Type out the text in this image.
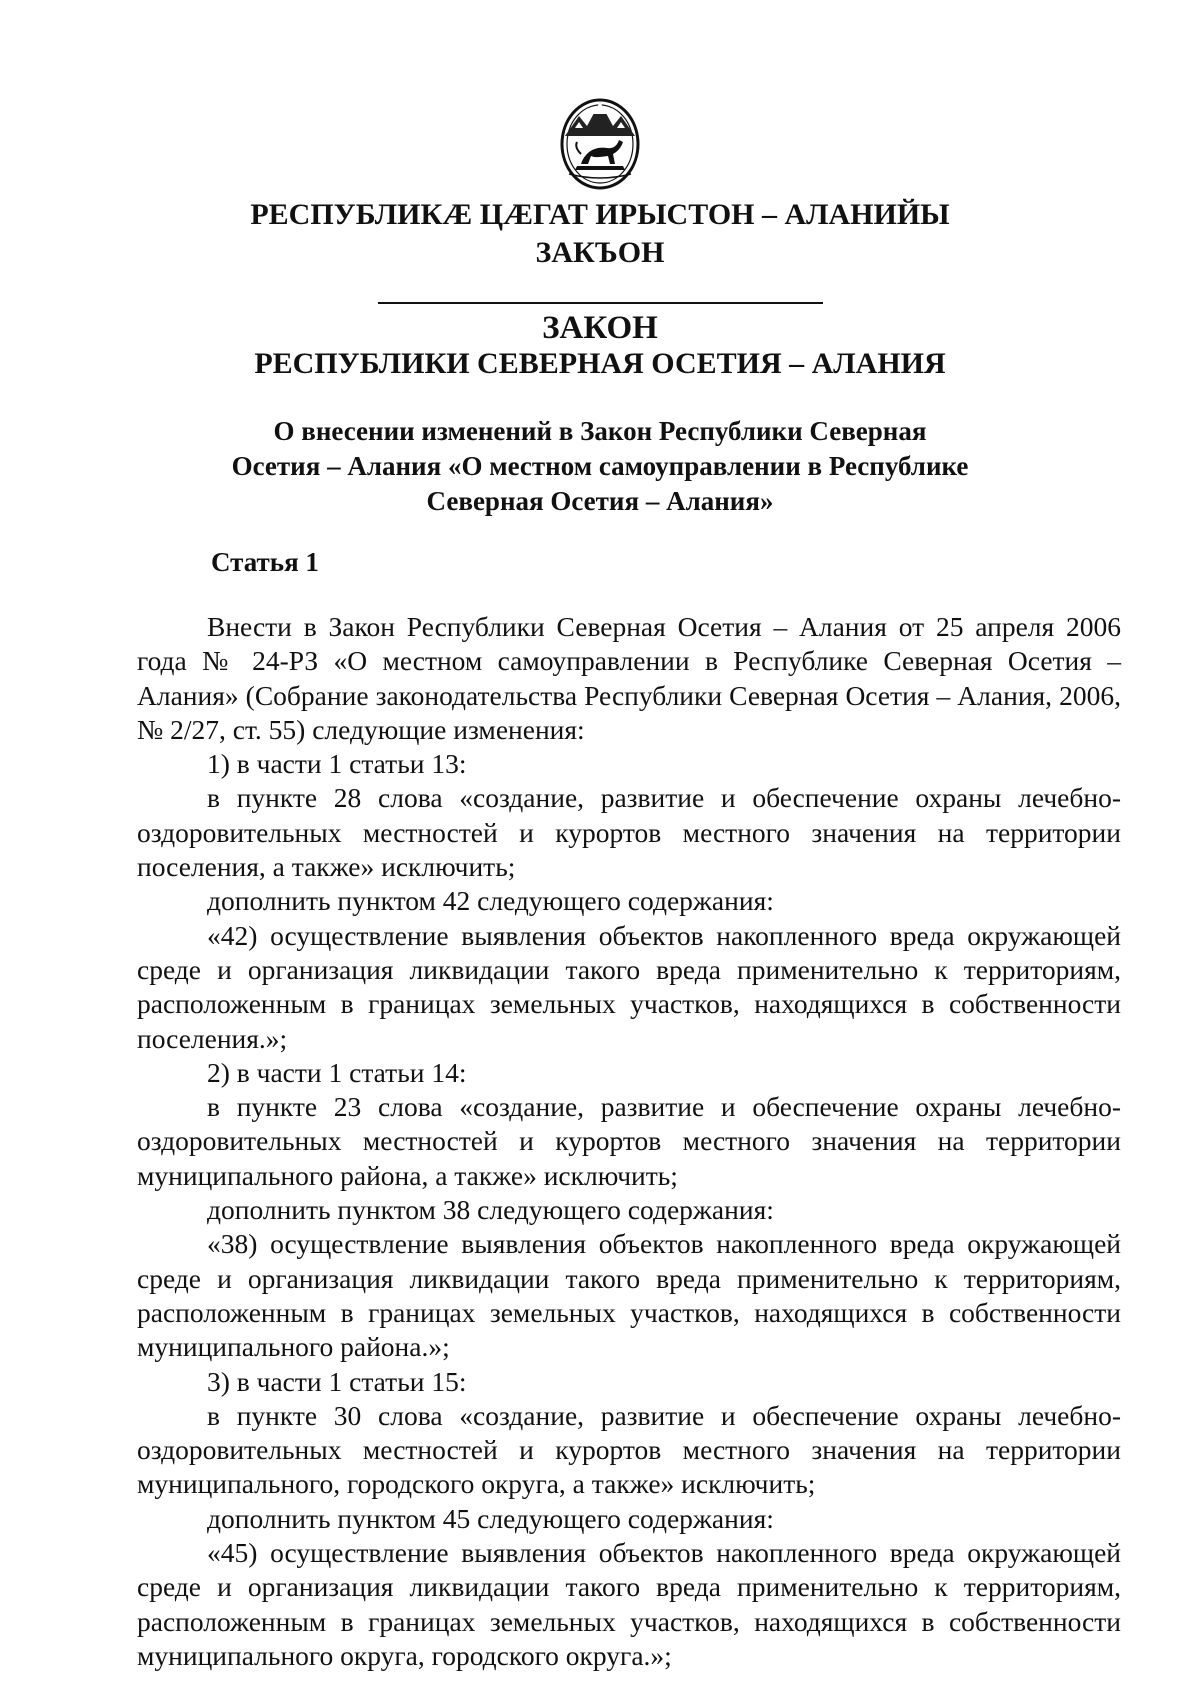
РЕСПУБЛИКӔ ЦӔГАТ ИРЫСТОН – АЛАНИЙЫ
ЗАКЪОН
ЗАКОН
РЕСПУБЛИКИ СЕВЕРНАЯ ОСЕТИЯ – АЛАНИЯ
О внесении изменений в Закон Республики Северная
Осетия – Алания «О местном самоуправлении в Республике
Северная Осетия – Алания»
Статья 1

Внести в Закон Республики Северная Осетия – Алания от 25 апреля 2006 года № 24-РЗ «О местном самоуправлении в Республике Северная Осетия – Алания» (Собрание законодательства Республики Северная Осетия – Алания, 2006, № 2/27, ст. 55) следующие изменения:

1) в части 1 статьи 13:

в пункте 28 слова «создание, развитие и обеспечение охраны лечебно-оздоровительных местностей и курортов местного значения на территории поселения, а также» исключить;

дополнить пунктом 42 следующего содержания:

«42) осуществление выявления объектов накопленного вреда окружающей среде и организация ликвидации такого вреда применительно к территориям, расположенным в границах земельных участков, находящихся в собственности поселения.»;

2) в части 1 статьи 14:

в пункте 23 слова «создание, развитие и обеспечение охраны лечебно-оздоровительных местностей и курортов местного значения на территории муниципального района, а также» исключить;

дополнить пунктом 38 следующего содержания:

«38) осуществление выявления объектов накопленного вреда окружающей среде и организация ликвидации такого вреда применительно к территориям, расположенным в границах земельных участков, находящихся в собственности муниципального района.»;

3) в части 1 статьи 15:

в пункте 30 слова «создание, развитие и обеспечение охраны лечебно-оздоровительных местностей и курортов местного значения на территории муниципального, городского округа, а также» исключить;

дополнить пунктом 45 следующего содержания:

«45) осуществление выявления объектов накопленного вреда окружающей среде и организация ликвидации такого вреда применительно к территориям, расположенным в границах земельных участков, находящихся в собственности муниципального округа, городского округа.»;
